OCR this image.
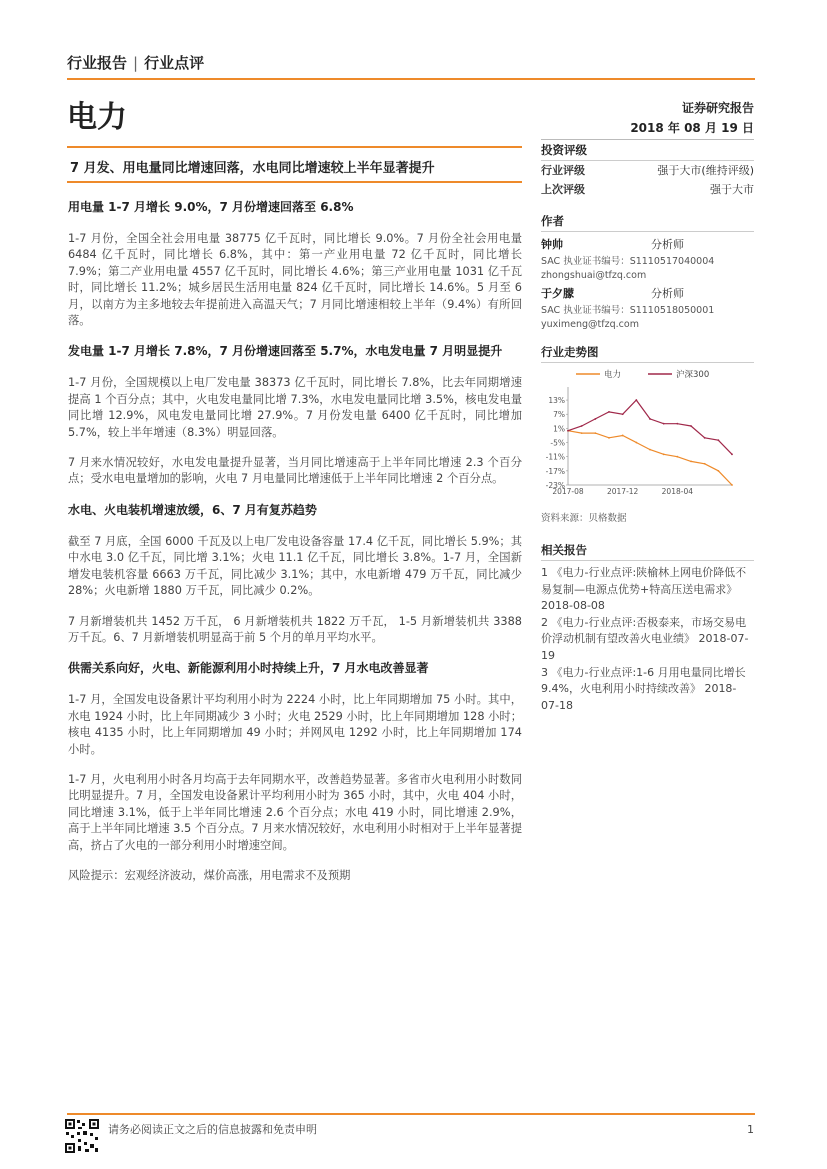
行业报告 | 行业点评
电力	证券研究报告
2018 年 08 月 19 日
7 月发、用电量同比增速回落，水电同比增速较上半年显著提升
用电量 1-7 月增长 9.0%，7 月份增速回落至 6.8%

1-7 月份，全国全社会用电量 38775 亿千瓦时，同比增长 9.0%。7 月份全社会用电量 6484 亿千瓦时，同比增长 6.8%，其中：第一产业用电量 72 亿千瓦时，同比增长 7.9%；第二产业用电量 4557 亿千瓦时，同比增长 4.6%；第三产业用电量 1031 亿千瓦时，同比增长 11.2%；城乡居民生活用电量 824 亿千瓦时，同比增长 14.6%。5 月至 6 月，以南方为主多地较去年提前进入高温天气；7 月同比增速相较上半年（9.4%）有所回落。

发电量 1-7 月增长 7.8%，7 月份增速回落至 5.7%，水电发电量 7 月明显提升

1-7 月份，全国规模以上电厂发电量 38373 亿千瓦时，同比增长 7.8%，比去年同期增速提高 1 个百分点；其中，火电发电量同比增 7.3%，水电发电量同比增 3.5%，核电发电量同比增 12.9%，风电发电量同比增 27.9%。7 月份发电量 6400 亿千瓦时，同比增加 5.7%，较上半年增速（8.3%）明显回落。

7 月来水情况较好，水电发电量提升显著，当月同比增速高于上半年同比增速 2.3 个百分点；受水电电量增加的影响，火电 7 月电量同比增速低于上半年同比增速 2 个百分点。

水电、火电装机增速放缓，6、7 月有复苏趋势

截至 7 月底，全国 6000 千瓦及以上电厂发电设备容量 17.4 亿千瓦，同比增长 5.9%；其中水电 3.0 亿千瓦，同比增 3.1%；火电 11.1 亿千瓦，同比增长 3.8%。1-7 月，全国新增发电装机容量 6663 万千瓦，同比减少 3.1%；其中，水电新增 479 万千瓦，同比减少 28%；火电新增 1880 万千瓦，同比减少 0.2%。

7 月新增装机共 1452 万千瓦， 6 月新增装机共 1822 万千瓦， 1-5 月新增装机共 3388 万千瓦。6、7 月新增装机明显高于前 5 个月的单月平均水平。

供需关系向好，火电、新能源利用小时持续上升，7 月水电改善显著

1-7 月，全国发电设备累计平均利用小时为 2224 小时，比上年同期增加 75 小时。其中，水电 1924 小时，比上年同期减少 3 小时；火电 2529 小时，比上年同期增加 128 小时；核电 4135 小时，比上年同期增加 49 小时；并网风电 1292 小时，比上年同期增加 174 小时。

1-7 月，火电利用小时各月均高于去年同期水平，改善趋势显著。多省市火电利用小时数同比明显提升。7 月，全国发电设备累计平均利用小时为 365 小时，其中，火电 404 小时，同比增速 3.1%，低于上半年同比增速 2.6 个百分点；水电 419 小时，同比增速 2.9%，高于上半年同比增速 3.5 个百分点。7 月来水情况较好，水电利用小时相对于上半年显著提高，挤占了火电的一部分利用小时增速空间。

风险提示：宏观经济波动，煤价高涨，用电需求不及预期

投资评级
行业评级	强于大市(维持评级)
上次评级	强于大市
作者
钟帅	分析师
SAC 执业证书编号：S1110517040004
zhongshuai@tfzq.com
于夕朦	分析师
SAC 执业证书编号：S1110518050001
yuximeng@tfzq.com
行业走势图
13%
7%
1%
-5%
-11%
-17%
-23%
2017-08	2017-12	2018-04
电力	沪深300
资料来源：贝格数据
相关报告
1 《电力-行业点评:陕榆林上网电价降低不易复制—电源点优势+特高压送电需求》 2018-08-08
2 《电力-行业点评:否极泰来，市场交易电价浮动机制有望改善火电业绩》 2018-07-19
3 《电力-行业点评:1-6 月用电量同比增长 9.4%，火电利用小时持续改善》 2018-07-18
请务必阅读正文之后的信息披露和免责申明	1
